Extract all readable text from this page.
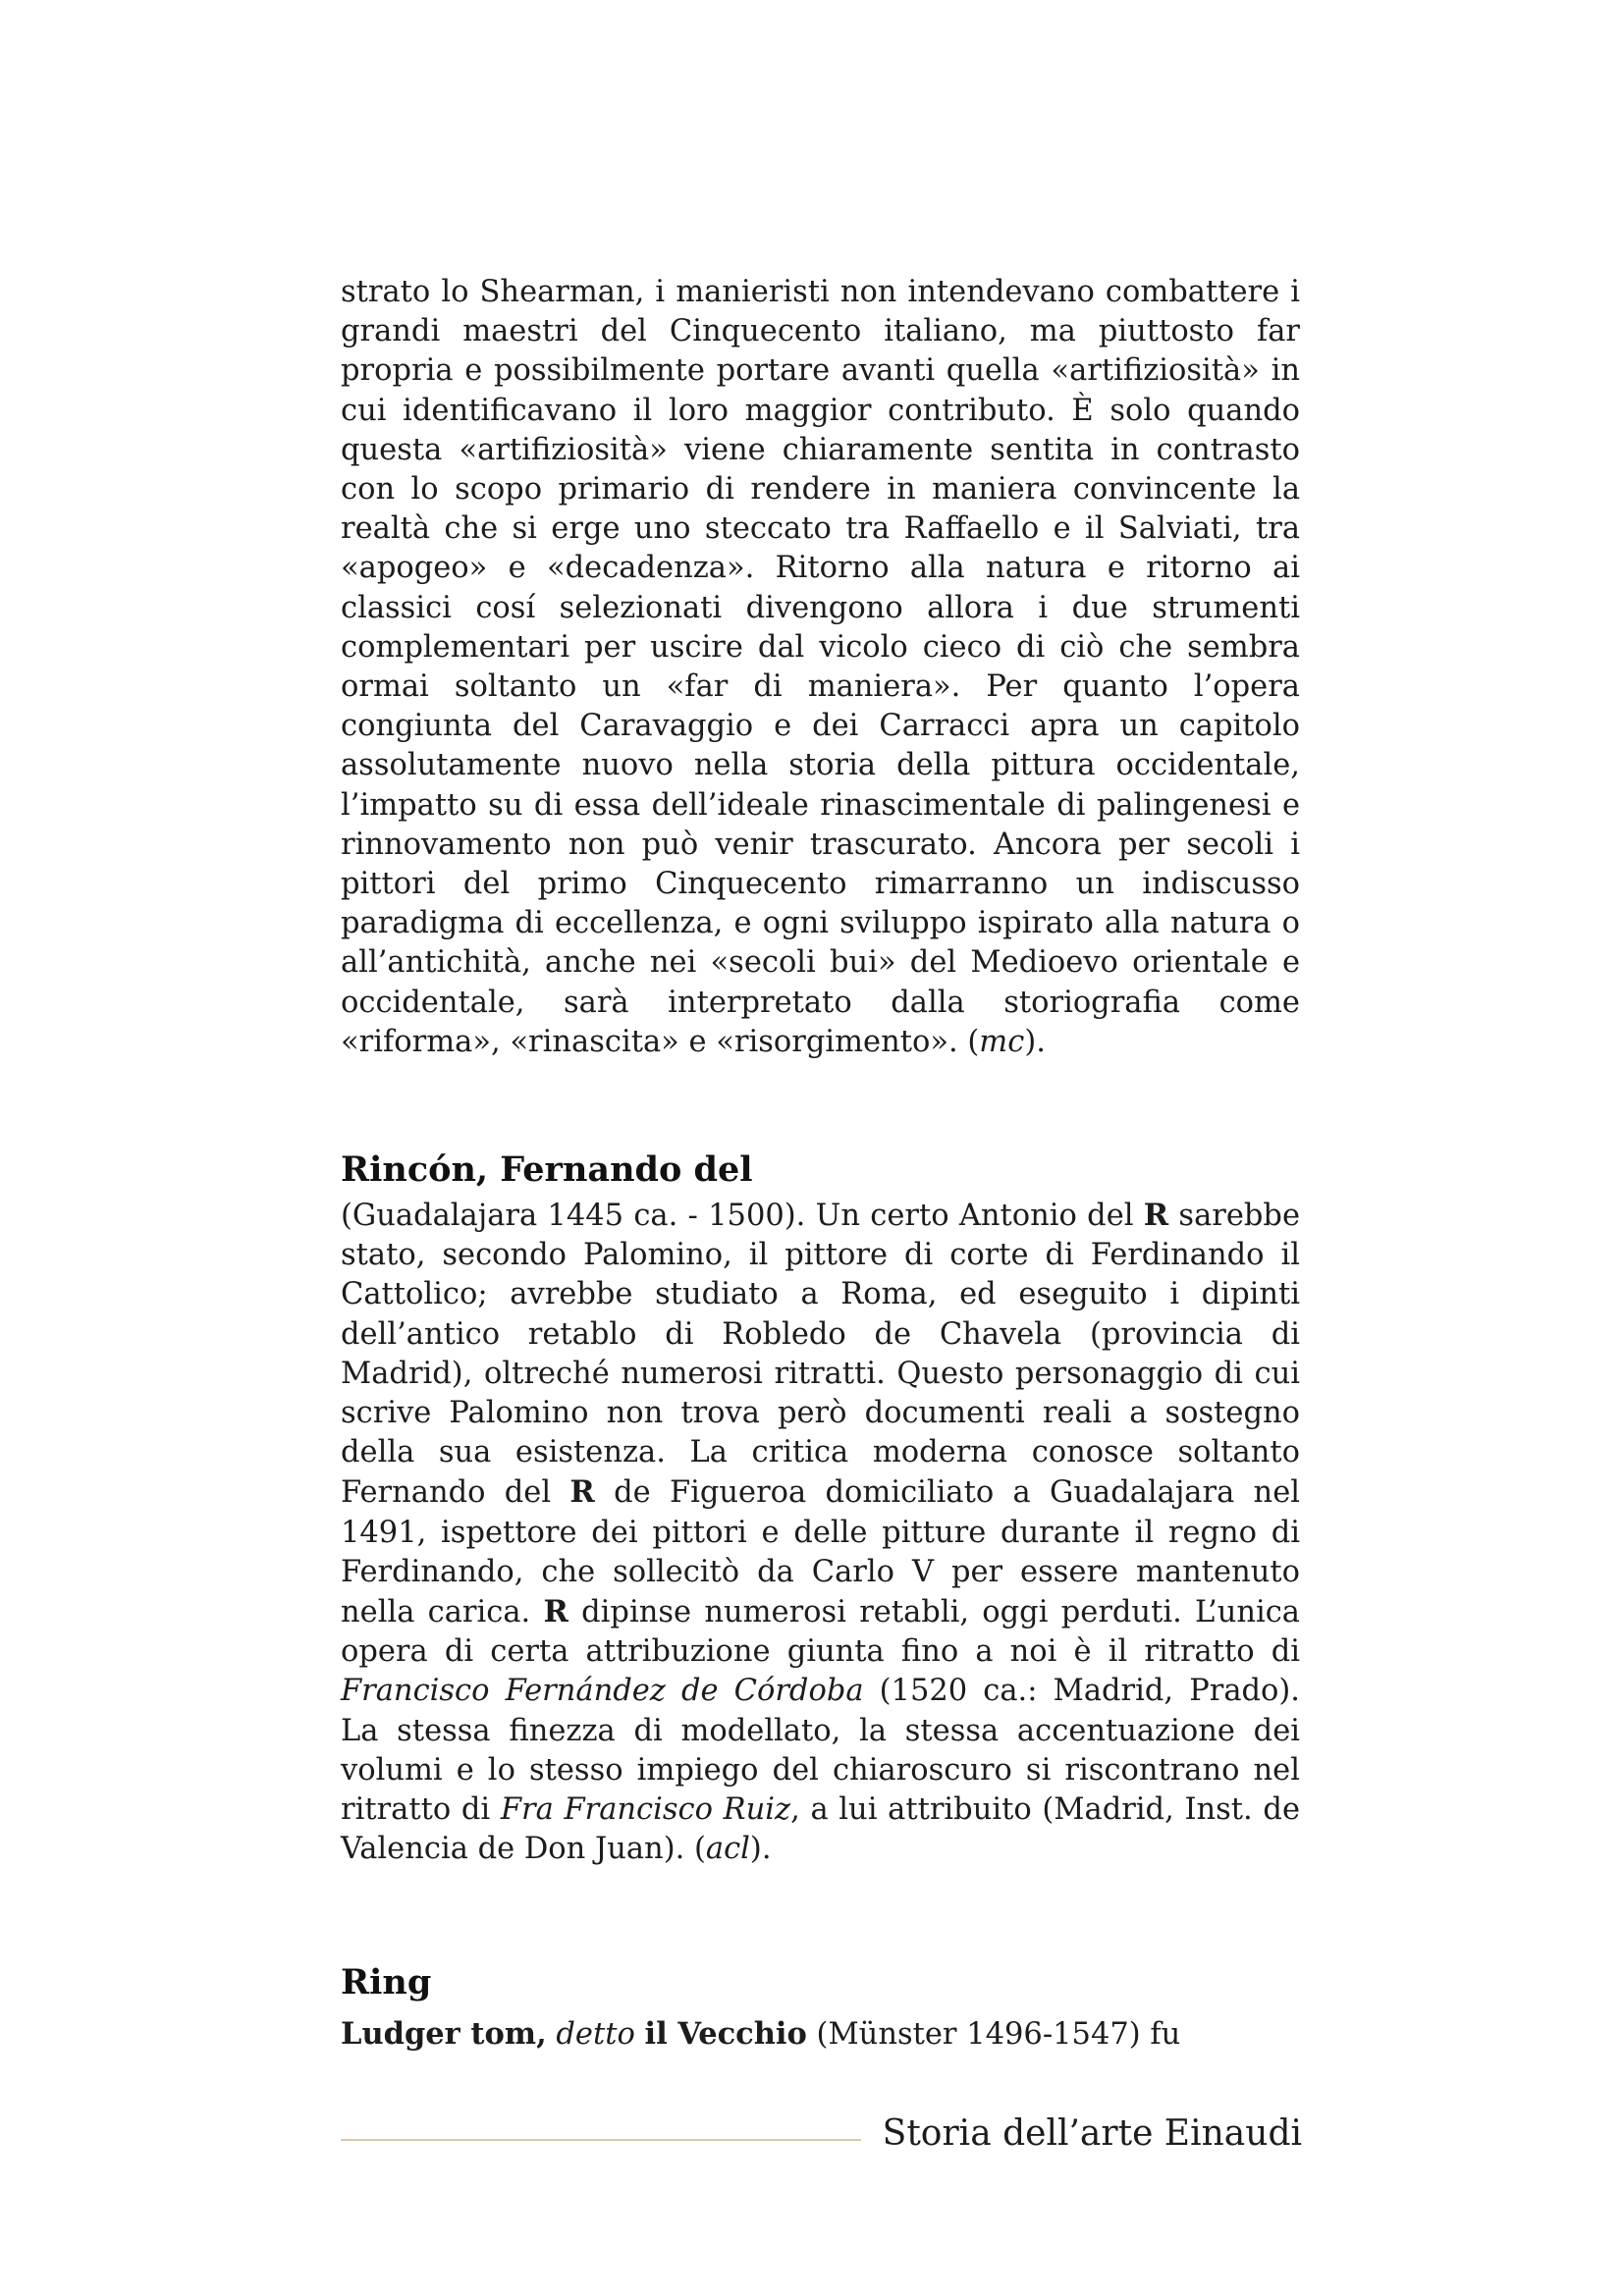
strato lo Shearman, i manieristi non intendevano combattere i grandi maestri del Cinquecento italiano, ma piuttosto far propria e possibilmente portare avanti quella «artifiziosità» in cui identificavano il loro maggior contributo. È solo quando questa «artifiziosità» viene chiaramente sentita in contrasto con lo scopo primario di rendere in maniera convincente la realtà che si erge uno steccato tra Raffaello e il Salviati, tra «apogeo» e «decadenza». Ritorno alla natura e ritorno ai classici cosí selezionati divengono allora i due strumenti complementari per uscire dal vicolo cieco di ciò che sembra ormai soltanto un «far di maniera». Per quanto l’opera congiunta del Caravaggio e dei Carracci apra un capitolo assolutamente nuovo nella storia della pittura occidentale, l’impatto su di essa dell’ideale rinascimentale di palingenesi e rinnovamento non può venir trascurato. Ancora per secoli i pittori del primo Cinquecento rimarranno un indiscusso paradigma di eccellenza, e ogni sviluppo ispirato alla natura o all’antichità, anche nei «secoli bui» del Medioevo orientale e occidentale, sarà interpretato dalla storiografia come «riforma», «rinascita» e «risorgimento». (mc).

Rincón, Fernando del

(Guadalajara 1445 ca. - 1500). Un certo Antonio del R sarebbe stato, secondo Palomino, il pittore di corte di Ferdinando il Cattolico; avrebbe studiato a Roma, ed eseguito i dipinti dell’antico retablo di Robledo de Chavela (provincia di Madrid), oltreché numerosi ritratti. Questo personaggio di cui scrive Palomino non trova però documenti reali a sostegno della sua esistenza. La critica moderna conosce soltanto Fernando del R de Figueroa domiciliato a Guadalajara nel 1491, ispettore dei pittori e delle pitture durante il regno di Ferdinando, che sollecitò da Carlo V per essere mantenuto nella carica. R dipinse numerosi retabli, oggi perduti. L’unica opera di certa attribuzione giunta fino a noi è il ritratto di Francisco Fernández de Córdoba (1520 ca.: Madrid, Prado). La stessa finezza di modellato, la stessa accentuazione dei volumi e lo stesso impiego del chiaroscuro si riscontrano nel ritratto di Fra Francisco Ruiz, a lui attribuito (Madrid, Inst. de Valencia de Don Juan). (acl).

Ring

Ludger tom, detto il Vecchio (Münster 1496-1547) fu

Storia dell’arte Einaudi
